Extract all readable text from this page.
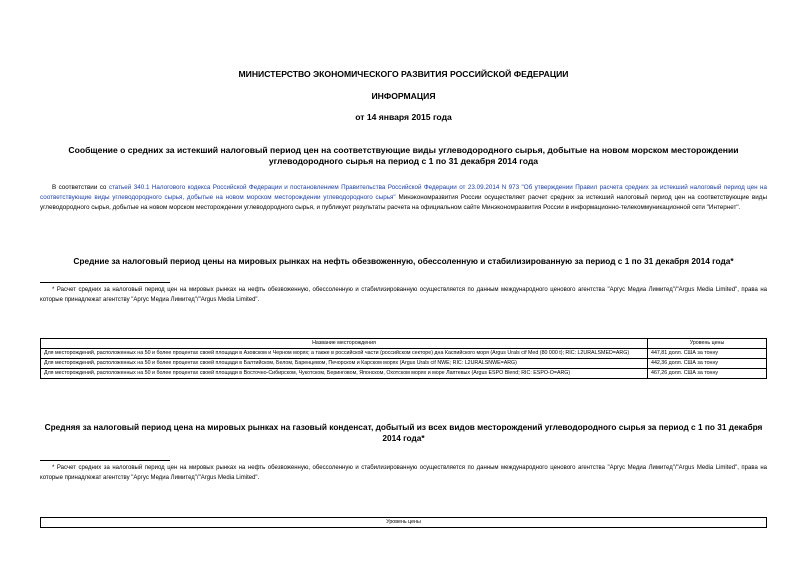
МИНИСТЕРСТВО ЭКОНОМИЧЕСКОГО РАЗВИТИЯ РОССИЙСКОЙ ФЕДЕРАЦИИ
ИНФОРМАЦИЯ
от 14 января 2015 года
Сообщение о средних за истекший налоговый период цен на соответствующие виды углеводородного сырья, добытые на новом морском месторождении углеводородного сырья на период с 1 по 31 декабря 2014 года
В соответствии со статьей 340.1 Налогового кодекса Российской Федерации и постановлением Правительства Российской Федерации от 23.09.2014 N 973 "Об утверждении Правил расчета средних за истекший налоговый период цен на соответствующие виды углеводородного сырья, добытые на новом морском месторождении углеводородного сырья" Минэкономразвития России осуществляет расчет средних за истекший налоговый период цен на соответствующие виды углеводородного сырья, добытые на новом морском месторождении углеводородного сырья, и публикует результаты расчета на официальном сайте Минэкономразвития России в информационно-телекоммуникационной сети "Интернет".
Средние за налоговый период цены на мировых рынках на нефть обезвоженную, обессоленную и стабилизированную за период с 1 по 31 декабря 2014 года*
* Расчет средних за налоговый период цен на мировых рынках на нефть обезвоженную, обессоленную и стабилизированную осуществляется по данным международного ценового агентства "Аргус Медиа Лимитед"/"Argus Media Limited", права на которые принадлежат агентству "Аргус Медиа Лимитед"/"Argus Media Limited".
Название месторождения	Уровень цены
Для месторождений, расположенных на 50 и более процентах своей площади в Азовском и Черном морях; а также в российской части (российском секторе) дна Каспийского моря (Argus Urals cif Med (80 000 t); RIC: L2URALSMED=ARG)	447,81 долл. США за тонну
Для месторождений, расположенных на 50 и более процентах своей площади в Балтийском, Белом, Баренцевом, Печорском и Карском морях (Argus Urals cif NWE; RIC: L2URALSNWE=ARG)	442,36 долл. США за тонну
Для месторождений, расположенных на 50 и более процентах своей площади в Восточно-Сибирском, Чукотском, Беринговом, Японском, Охотском морях и море Лаптевых (Argus ESPO Blend; RIC: ESPO-O=ARG)	467,26 долл. США за тонну
Средняя за налоговый период цена на мировых рынках на газовый конденсат, добытый из всех видов месторождений углеводородного сырья за период с 1 по 31 декабря 2014 года*
* Расчет средних за налоговый период цен на мировых рынках на нефть обезвоженную, обессоленную и стабилизированную осуществляется по данным международного ценового агентства "Аргус Медиа Лимитед"/"Argus Media Limited", права на которые принадлежат агентству "Аргус Медиа Лимитед"/"Argus Media Limited".
Уровень цены
